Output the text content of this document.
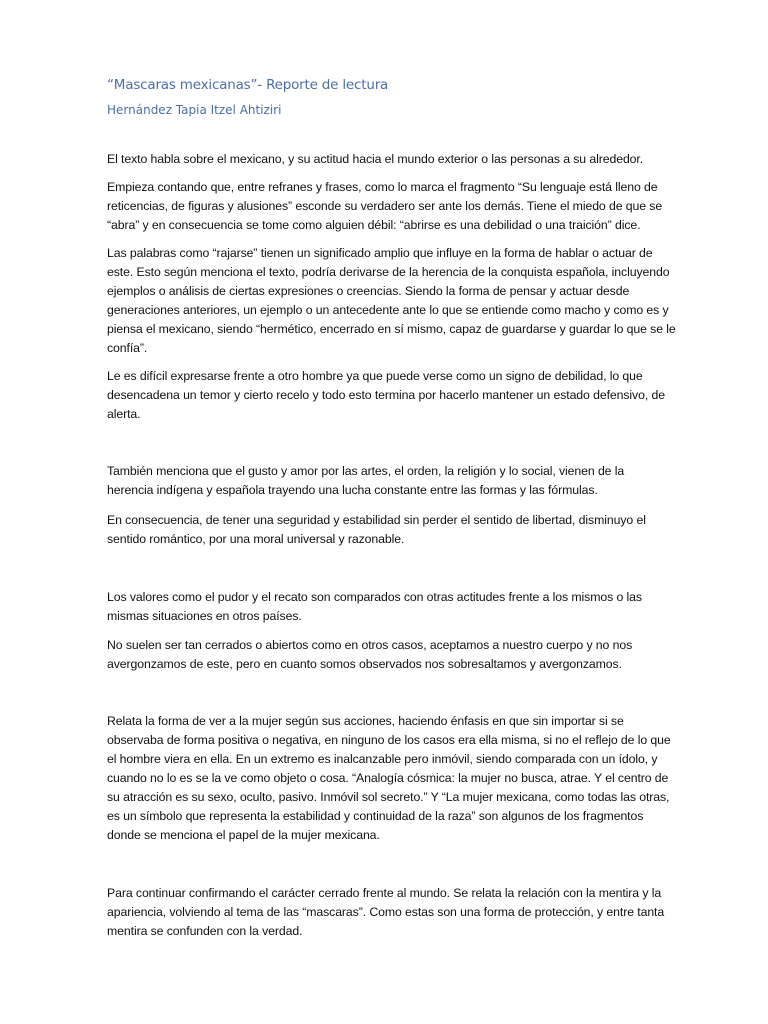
“Mascaras mexicanas”- Reporte de lectura
Hernández Tapia Itzel Ahtiziri
El texto habla sobre el mexicano, y su actitud hacia el mundo exterior o las personas a su alrededor.
Empieza contando que, entre refranes y frases, como lo marca el fragmento “Su lenguaje está lleno de
reticencias, de figuras y alusiones” esconde su verdadero ser ante los demás. Tiene el miedo de que se
“abra” y en consecuencia se tome como alguien débil: “abrirse es una debilidad o una traición” dice.
Las palabras como “rajarse” tienen un significado amplio que influye en la forma de hablar o actuar de
este. Esto según menciona el texto, podría derivarse de la herencia de la conquista española, incluyendo
ejemplos o análisis de ciertas expresiones o creencias. Siendo la forma de pensar y actuar desde
generaciones anteriores, un ejemplo o un antecedente ante lo que se entiende como macho y como es y
piensa el mexicano, siendo “hermético, encerrado en sí mismo, capaz de guardarse y guardar lo que se le
confía”.
Le es difícil expresarse frente a otro hombre ya que puede verse como un signo de debilidad, lo que
desencadena un temor y cierto recelo y todo esto termina por hacerlo mantener un estado defensivo, de
alerta.
También menciona que el gusto y amor por las artes, el orden, la religión y lo social, vienen de la
herencia indígena y española trayendo una lucha constante entre las formas y las fórmulas.
En consecuencia, de tener una seguridad y estabilidad sin perder el sentido de libertad, disminuyo el
sentido romántico, por una moral universal y razonable.
Los valores como el pudor y el recato son comparados con otras actitudes frente a los mismos o las
mismas situaciones en otros países.
No suelen ser tan cerrados o abiertos como en otros casos, aceptamos a nuestro cuerpo y no nos
avergonzamos de este, pero en cuanto somos observados nos sobresaltamos y avergonzamos.
Relata la forma de ver a la mujer según sus acciones, haciendo énfasis en que sin importar si se
observaba de forma positiva o negativa, en ninguno de los casos era ella misma, si no el reflejo de lo que
el hombre viera en ella. En un extremo es inalcanzable pero inmóvil, siendo comparada con un ídolo, y
cuando no lo es se la ve como objeto o cosa. “Analogía cósmica: la mujer no busca, atrae. Y el centro de
su atracción es su sexo, oculto, pasivo. Inmóvil sol secreto.” Y “La mujer mexicana, como todas las otras,
es un símbolo que representa la estabilidad y continuidad de la raza” son algunos de los fragmentos
donde se menciona el papel de la mujer mexicana.
Para continuar confirmando el carácter cerrado frente al mundo. Se relata la relación con la mentira y la
apariencia, volviendo al tema de las “mascaras”. Como estas son una forma de protección, y entre tanta
mentira se confunden con la verdad.
